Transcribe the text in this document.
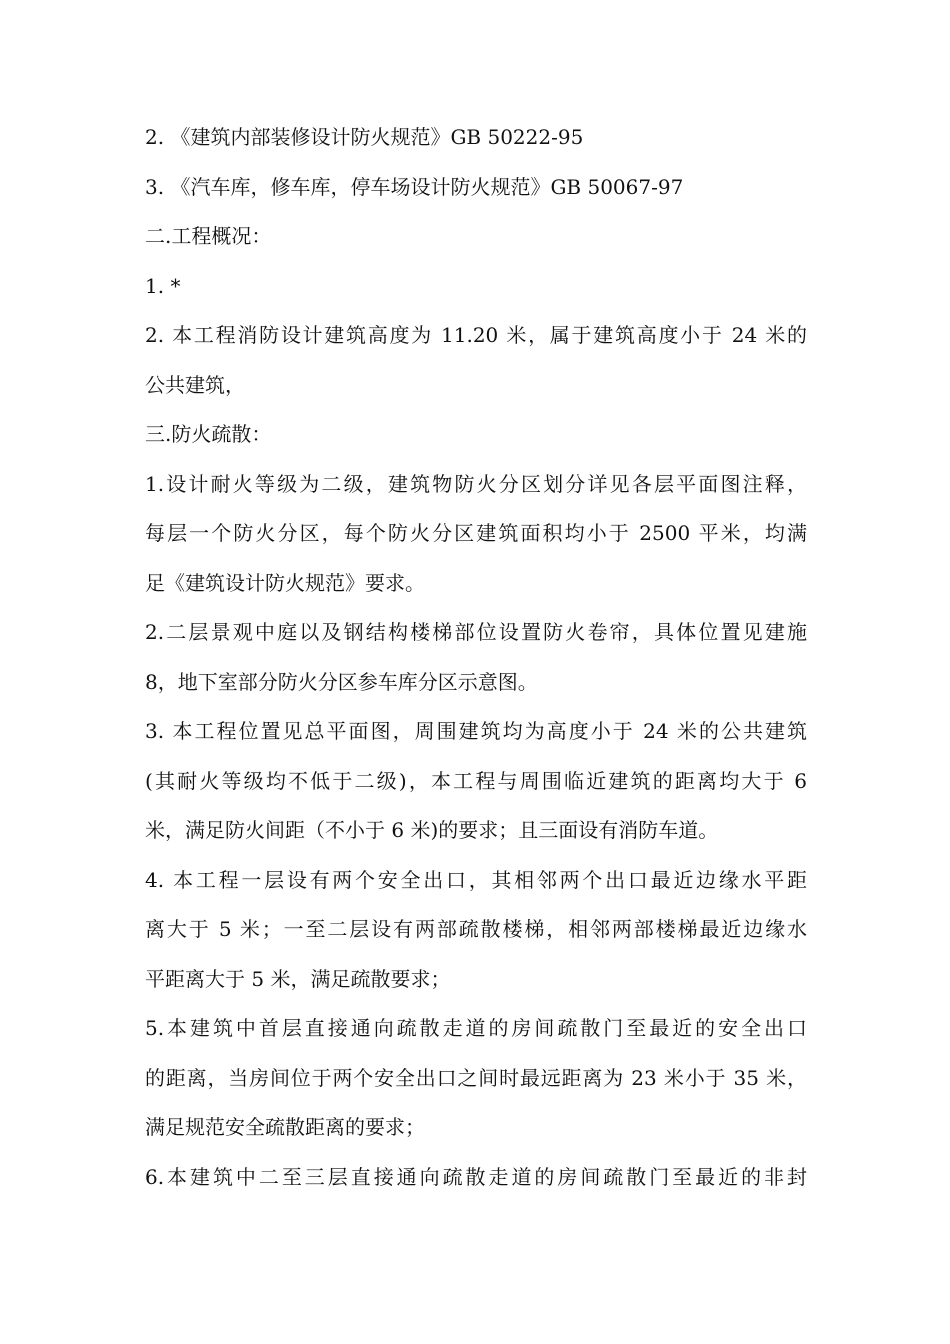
2. 《建筑内部装修设计防火规范》GB 50222-95
3. 《汽车库，修车库，停车场设计防火规范》GB 50067-97
二.工程概况：
1. *
2. 本工程消防设计建筑高度为 11.20 米，属于建筑高度小于 24 米的
公共建筑，
三.防火疏散：
1.设计耐火等级为二级，建筑物防火分区划分详见各层平面图注释，
每层一个防火分区，每个防火分区建筑面积均小于 2500 平米，均满
足《建筑设计防火规范》要求。
2.二层景观中庭以及钢结构楼梯部位设置防火卷帘，具体位置见建施
8，地下室部分防火分区参车库分区示意图。
3. 本工程位置见总平面图，周围建筑均为高度小于 24 米的公共建筑
(其耐火等级均不低于二级)，本工程与周围临近建筑的距离均大于 6
米，满足防火间距（不小于 6 米)的要求；且三面设有消防车道。
4. 本工程一层设有两个安全出口，其相邻两个出口最近边缘水平距
离大于 5 米；一至二层设有两部疏散楼梯，相邻两部楼梯最近边缘水
平距离大于 5 米，满足疏散要求；
5.本建筑中首层直接通向疏散走道的房间疏散门至最近的安全出口
的距离，当房间位于两个安全出口之间时最远距离为 23 米小于 35 米，
满足规范安全疏散距离的要求；
6.本建筑中二至三层直接通向疏散走道的房间疏散门至最近的非封
